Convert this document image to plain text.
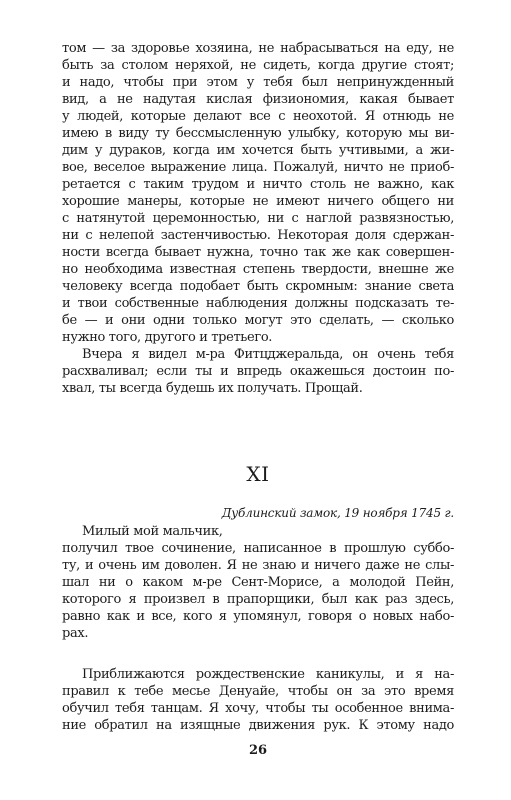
том — за здоровье хозяина, не набрасываться на еду, не
быть за столом неряхой, не сидеть, когда другие стоят;
и надо, чтобы при этом у тебя был непринужденный
вид, а не надутая кислая физиономия, какая бывает
у людей, которые делают все с неохотой. Я отнюдь не
имею в виду ту бессмысленную улыбку, которую мы ви-
дим у дураков, когда им хочется быть учтивыми, а жи-
вое, веселое выражение лица. Пожалуй, ничто не приоб-
ретается с таким трудом и ничто столь не важно, как
хорошие манеры, которые не имеют ничего общего ни
с натянутой церемонностью, ни с наглой развязностью,
ни с нелепой застенчивостью. Некоторая доля сдержан-
ности всегда бывает нужна, точно так же как совершен-
но необходима известная степень твердости, внешне же
человеку всегда подобает быть скромным: знание света
и твои собственные наблюдения должны подсказать те-
бе — и они одни только могут это сделать, — сколько
нужно того, другого и третьего.
Вчера я видел м-ра Фитцджеральда, он очень тебя
расхваливал; если ты и впредь окажешься достоин по-
хвал, ты всегда будешь их получать. Прощай.
XI
Дублинский замок, 19 ноября 1745 г.
Милый мой мальчик,
получил твое сочинение, написанное в прошлую суббо-
ту, и очень им доволен. Я не знаю и ничего даже не слы-
шал ни о каком м-ре Сент-Морисе, а молодой Пейн,
которого я произвел в прапорщики, был как раз здесь,
равно как и все, кого я упомянул, говоря о новых набо-
рах.
Приближаются рождественские каникулы, и я на-
правил к тебе месье Денуайе, чтобы он за это время
обучил тебя танцам. Я хочу, чтобы ты особенное внима-
ние обратил на изящные движения рук. К этому надо
26
